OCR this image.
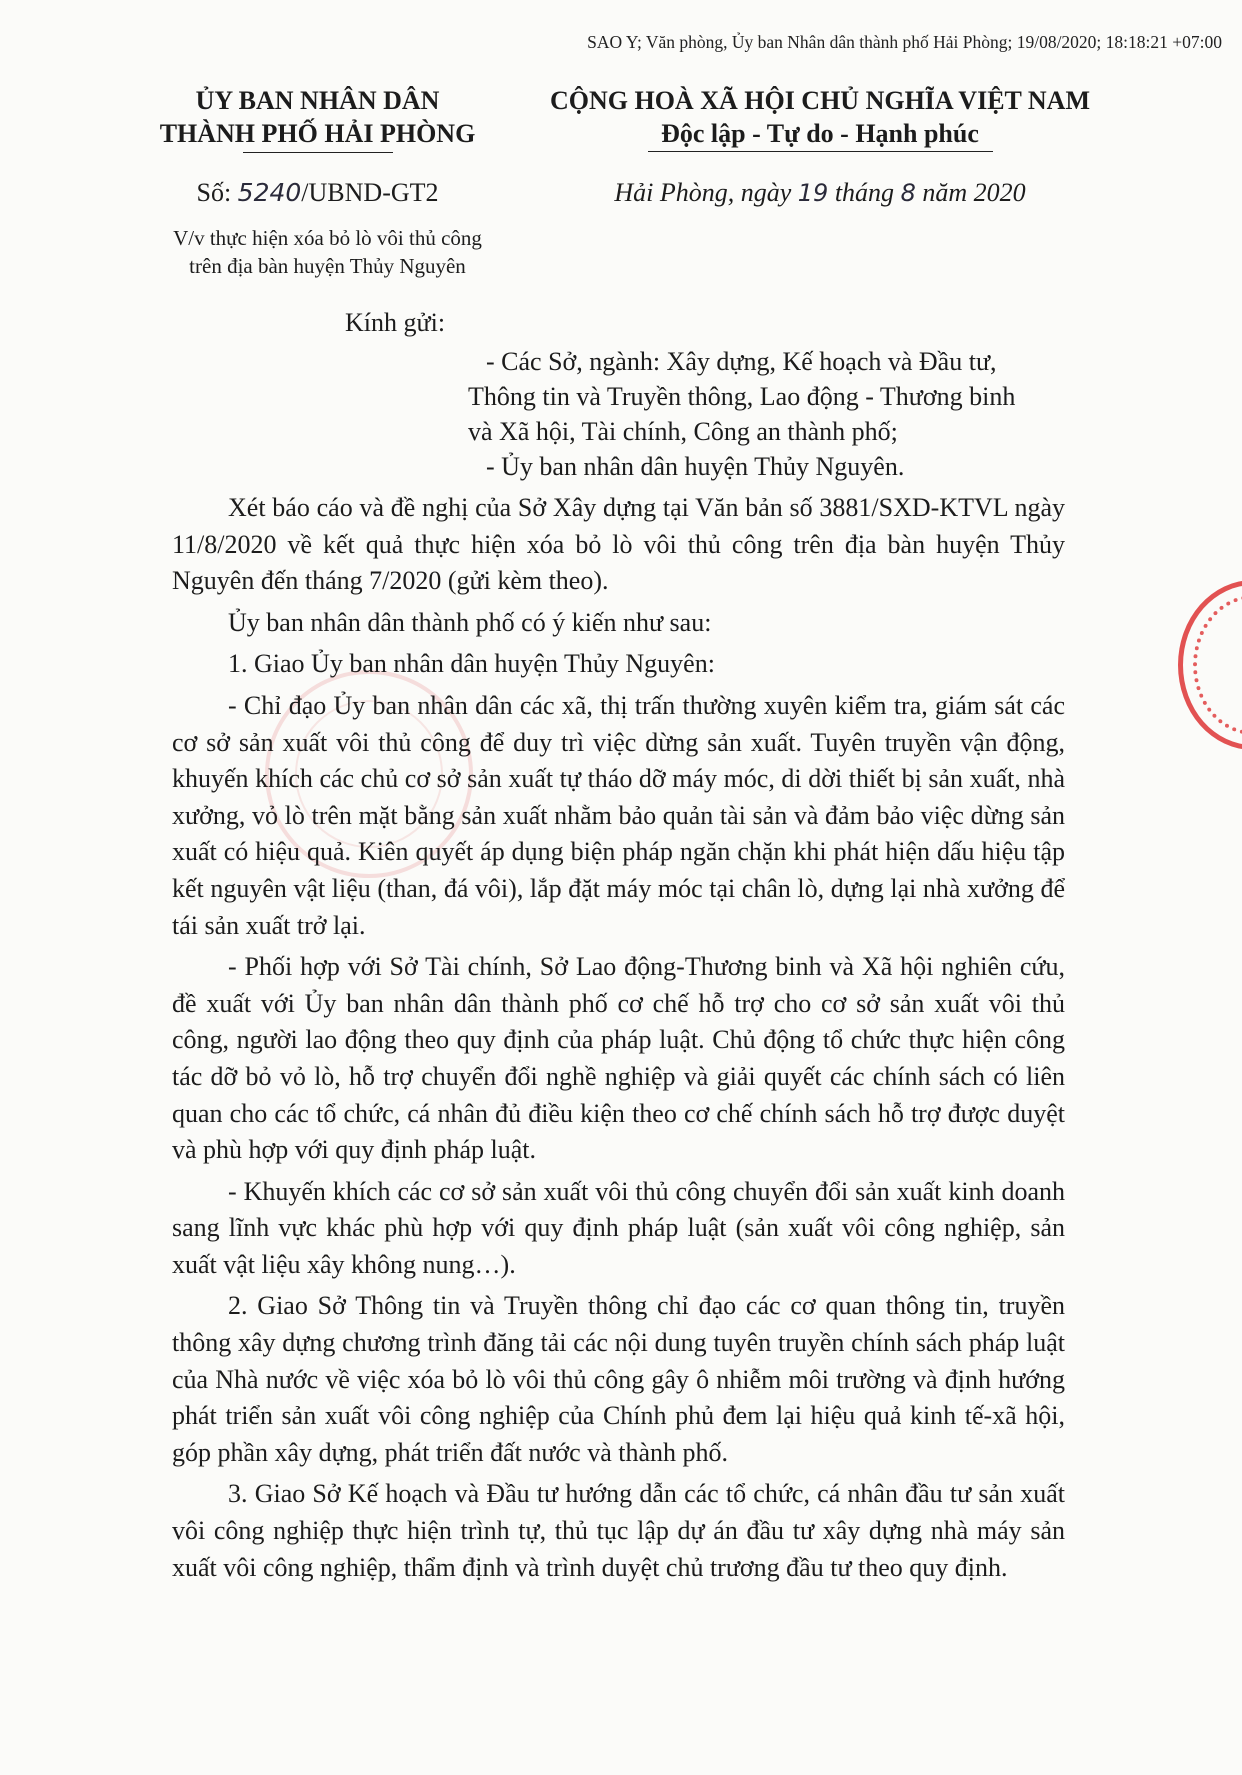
SAO Y; Văn phòng, Ủy ban Nhân dân thành phố Hải Phòng; 19/08/2020; 18:18:21 +07:00
ỦY BAN NHÂN DÂN
THÀNH PHỐ HẢI PHÒNG
CỘNG HOÀ XÃ HỘI CHỦ NGHĨA VIỆT NAM
Độc lập - Tự do - Hạnh phúc
Số: 5240/UBND-GT2
V/v thực hiện xóa bỏ lò vôi thủ công
trên địa bàn huyện Thủy Nguyên
Hải Phòng, ngày 19 tháng 8 năm 2020
Kính gửi:

- Các Sở, ngành: Xây dựng, Kế hoạch và Đầu tư,

Thông tin và Truyền thông, Lao động - Thương binh

và Xã hội, Tài chính, Công an thành phố;

- Ủy ban nhân dân huyện Thủy Nguyên.

Xét báo cáo và đề nghị của Sở Xây dựng tại Văn bản số 3881/SXD-KTVL ngày 11/8/2020 về kết quả thực hiện xóa bỏ lò vôi thủ công trên địa bàn huyện Thủy Nguyên đến tháng 7/2020 (gửi kèm theo).

Ủy ban nhân dân thành phố có ý kiến như sau:

1. Giao Ủy ban nhân dân huyện Thủy Nguyên:

- Chỉ đạo Ủy ban nhân dân các xã, thị trấn thường xuyên kiểm tra, giám sát các cơ sở sản xuất vôi thủ công để duy trì việc dừng sản xuất. Tuyên truyền vận động, khuyến khích các chủ cơ sở sản xuất tự tháo dỡ máy móc, di dời thiết bị sản xuất, nhà xưởng, vỏ lò trên mặt bằng sản xuất nhằm bảo quản tài sản và đảm bảo việc dừng sản xuất có hiệu quả. Kiên quyết áp dụng biện pháp ngăn chặn khi phát hiện dấu hiệu tập kết nguyên vật liệu (than, đá vôi), lắp đặt máy móc tại chân lò, dựng lại nhà xưởng để tái sản xuất trở lại.

- Phối hợp với Sở Tài chính, Sở Lao động-Thương binh và Xã hội nghiên cứu, đề xuất với Ủy ban nhân dân thành phố cơ chế hỗ trợ cho cơ sở sản xuất vôi thủ công, người lao động theo quy định của pháp luật. Chủ động tổ chức thực hiện công tác dỡ bỏ vỏ lò, hỗ trợ chuyển đổi nghề nghiệp và giải quyết các chính sách có liên quan cho các tổ chức, cá nhân đủ điều kiện theo cơ chế chính sách hỗ trợ được duyệt và phù hợp với quy định pháp luật.

- Khuyến khích các cơ sở sản xuất vôi thủ công chuyển đổi sản xuất kinh doanh sang lĩnh vực khác phù hợp với quy định pháp luật (sản xuất vôi công nghiệp, sản xuất vật liệu xây không nung…).

2. Giao Sở Thông tin và Truyền thông chỉ đạo các cơ quan thông tin, truyền thông xây dựng chương trình đăng tải các nội dung tuyên truyền chính sách pháp luật của Nhà nước về việc xóa bỏ lò vôi thủ công gây ô nhiễm môi trường và định hướng phát triển sản xuất vôi công nghiệp của Chính phủ đem lại hiệu quả kinh tế-xã hội, góp phần xây dựng, phát triển đất nước và thành phố.

3. Giao Sở Kế hoạch và Đầu tư hướng dẫn các tổ chức, cá nhân đầu tư sản xuất vôi công nghiệp thực hiện trình tự, thủ tục lập dự án đầu tư xây dựng nhà máy sản xuất vôi công nghiệp, thẩm định và trình duyệt chủ trương đầu tư theo quy định.
